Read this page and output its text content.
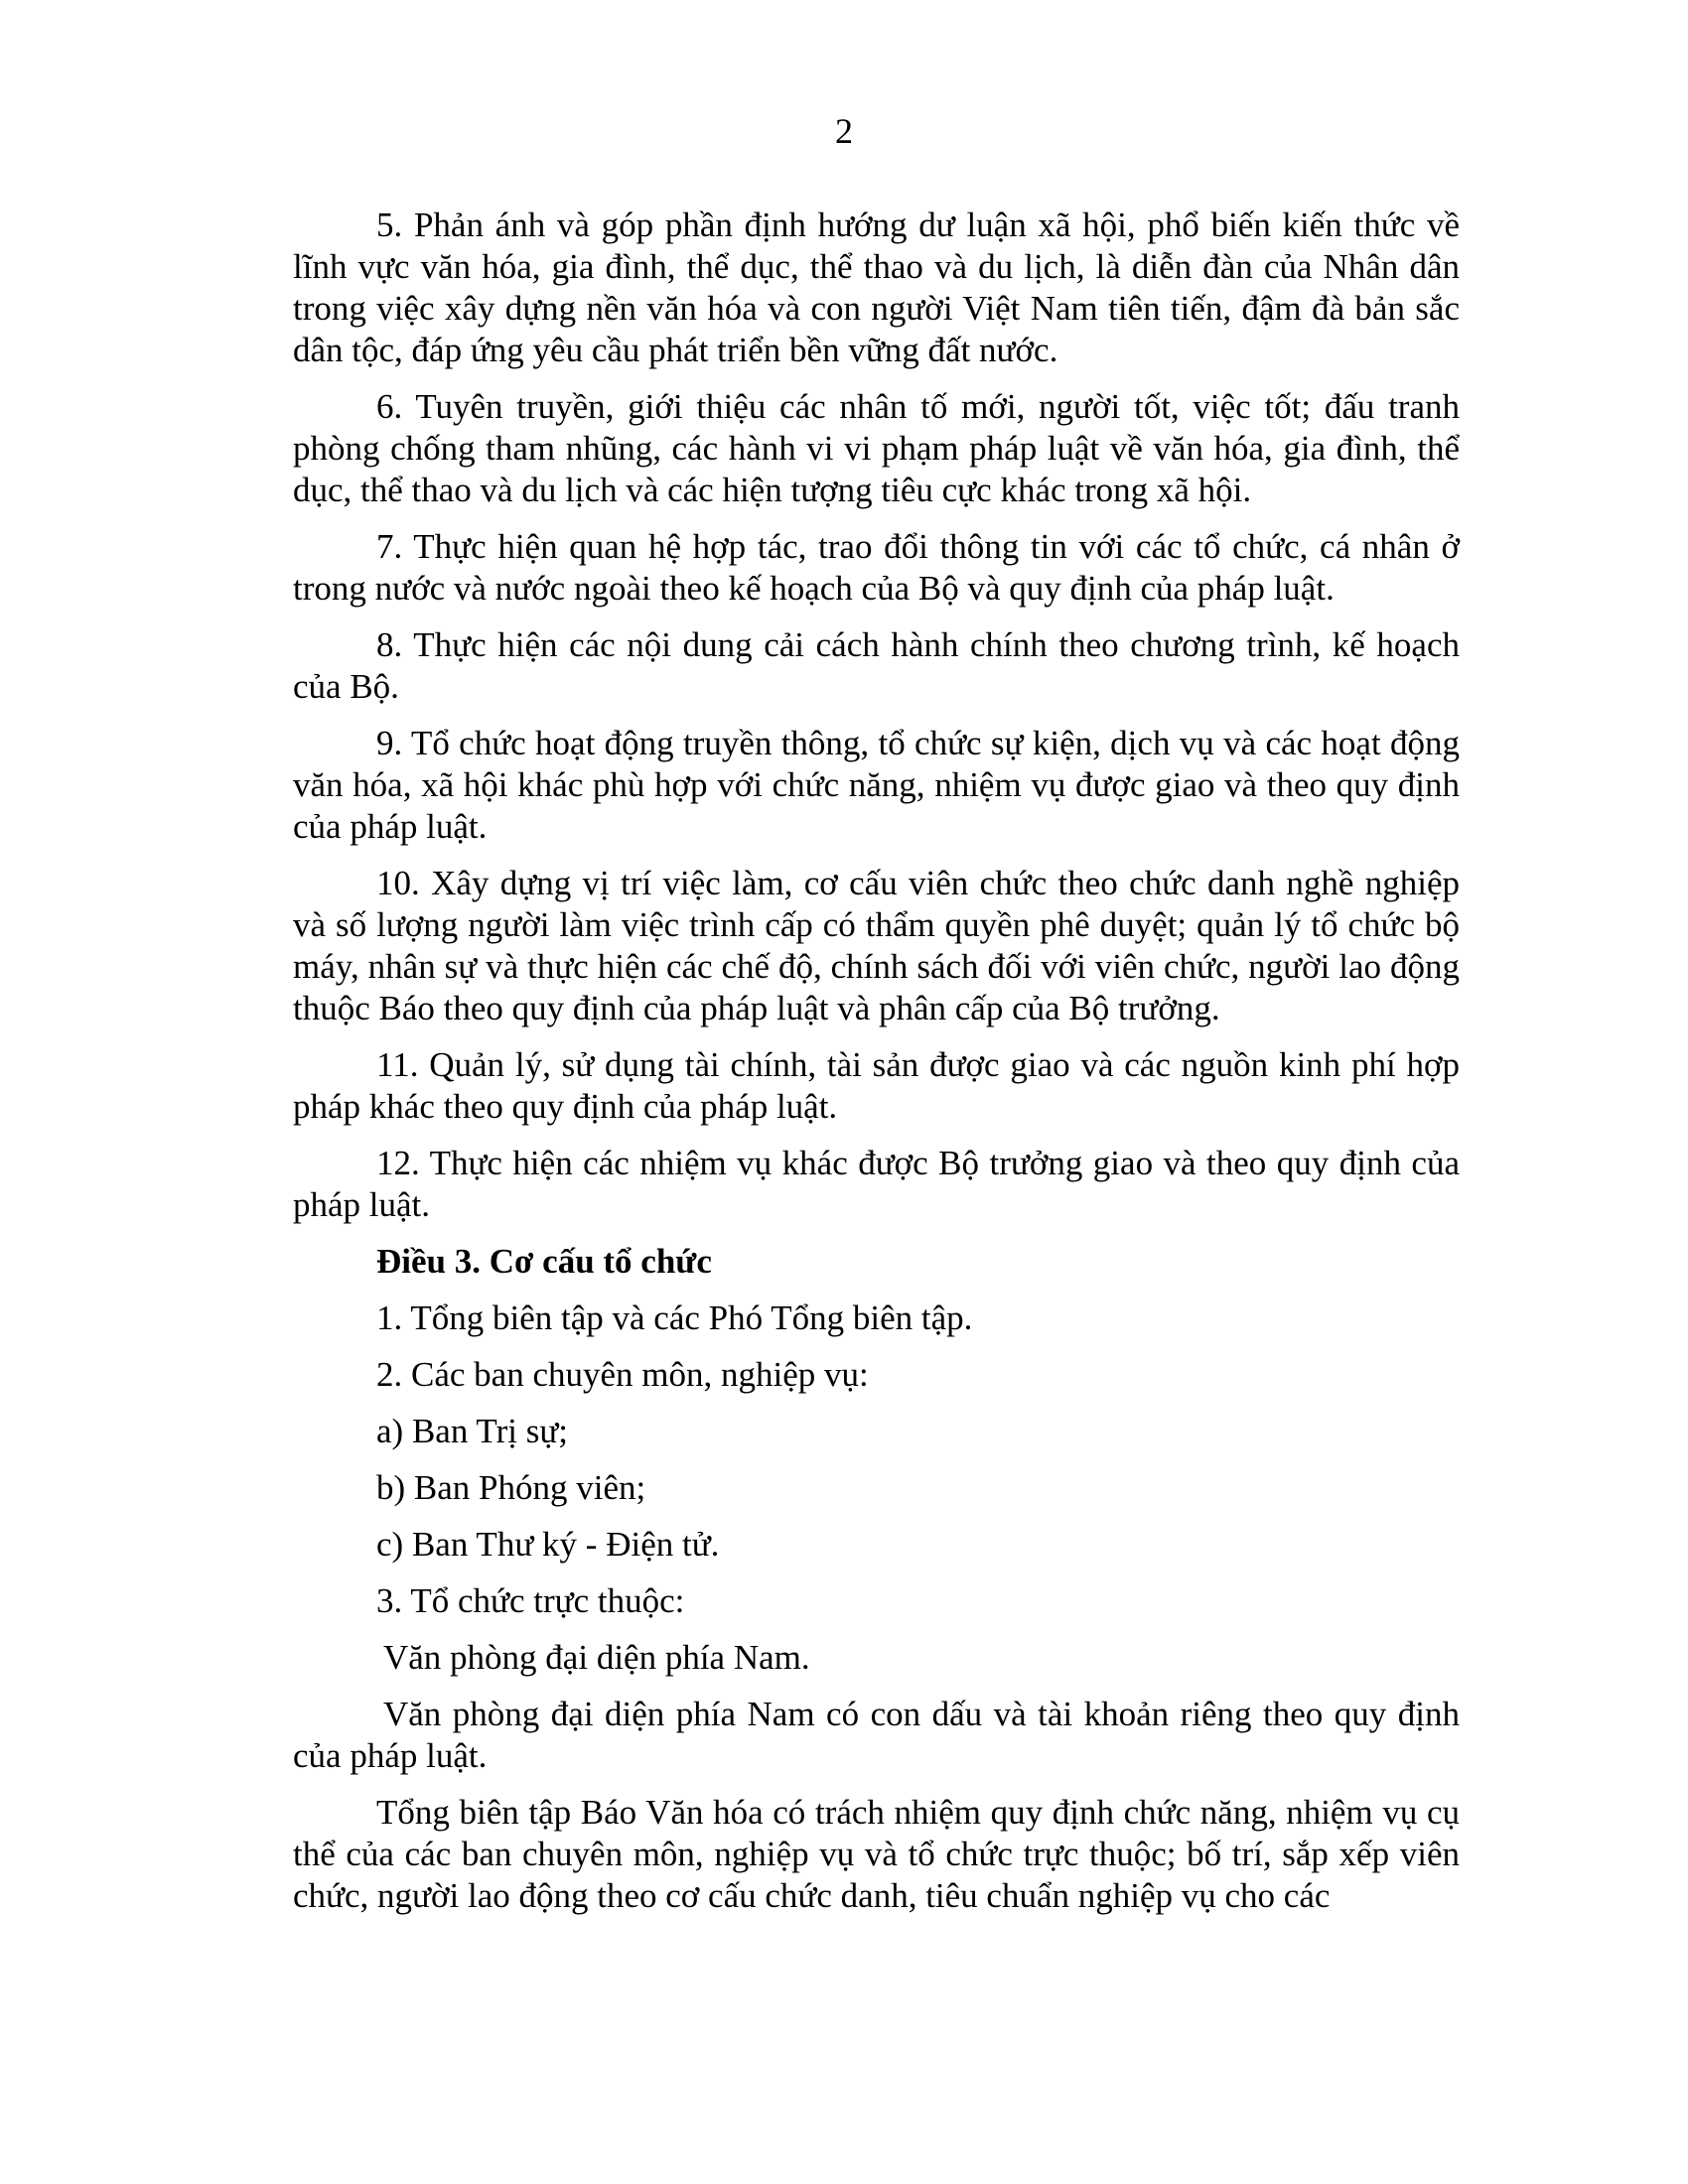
2

5. Phản ánh và góp phần định hướng dư luận xã hội, phổ biến kiến thức về lĩnh vực văn hóa, gia đình, thể dục, thể thao và du lịch, là diễn đàn của Nhân dân trong việc xây dựng nền văn hóa và con người Việt Nam tiên tiến, đậm đà bản sắc dân tộc, đáp ứng yêu cầu phát triển bền vững đất nước.

6. Tuyên truyền, giới thiệu các nhân tố mới, người tốt, việc tốt; đấu tranh phòng chống tham nhũng, các hành vi vi phạm pháp luật về văn hóa, gia đình, thể dục, thể thao và du lịch và các hiện tượng tiêu cực khác trong xã hội.

7. Thực hiện quan hệ hợp tác, trao đổi thông tin với các tổ chức, cá nhân ở trong nước và nước ngoài theo kế hoạch của Bộ và quy định của pháp luật.

8. Thực hiện các nội dung cải cách hành chính theo chương trình, kế hoạch của Bộ.

9. Tổ chức hoạt động truyền thông, tổ chức sự kiện, dịch vụ và các hoạt động văn hóa, xã hội khác phù hợp với chức năng, nhiệm vụ được giao và theo quy định của pháp luật.

10. Xây dựng vị trí việc làm, cơ cấu viên chức theo chức danh nghề nghiệp và số lượng người làm việc trình cấp có thẩm quyền phê duyệt; quản lý tổ chức bộ máy, nhân sự và thực hiện các chế độ, chính sách đối với viên chức, người lao động thuộc Báo theo quy định của pháp luật và phân cấp của Bộ trưởng.

11. Quản lý, sử dụng tài chính, tài sản được giao và các nguồn kinh phí hợp pháp khác theo quy định của pháp luật.

12. Thực hiện các nhiệm vụ khác được Bộ trưởng giao và theo quy định của pháp luật.

Điều 3. Cơ cấu tổ chức

1. Tổng biên tập và các Phó Tổng biên tập.

2. Các ban chuyên môn, nghiệp vụ:

a) Ban Trị sự;

b) Ban Phóng viên;

c) Ban Thư ký - Điện tử.

3. Tổ chức trực thuộc:

Văn phòng đại diện phía Nam.

Văn phòng đại diện phía Nam có con dấu và tài khoản riêng theo quy định của pháp luật.

Tổng biên tập Báo Văn hóa có trách nhiệm quy định chức năng, nhiệm vụ cụ thể của các ban chuyên môn, nghiệp vụ và tổ chức trực thuộc; bố trí, sắp xếp viên chức, người lao động theo cơ cấu chức danh, tiêu chuẩn nghiệp vụ cho các
